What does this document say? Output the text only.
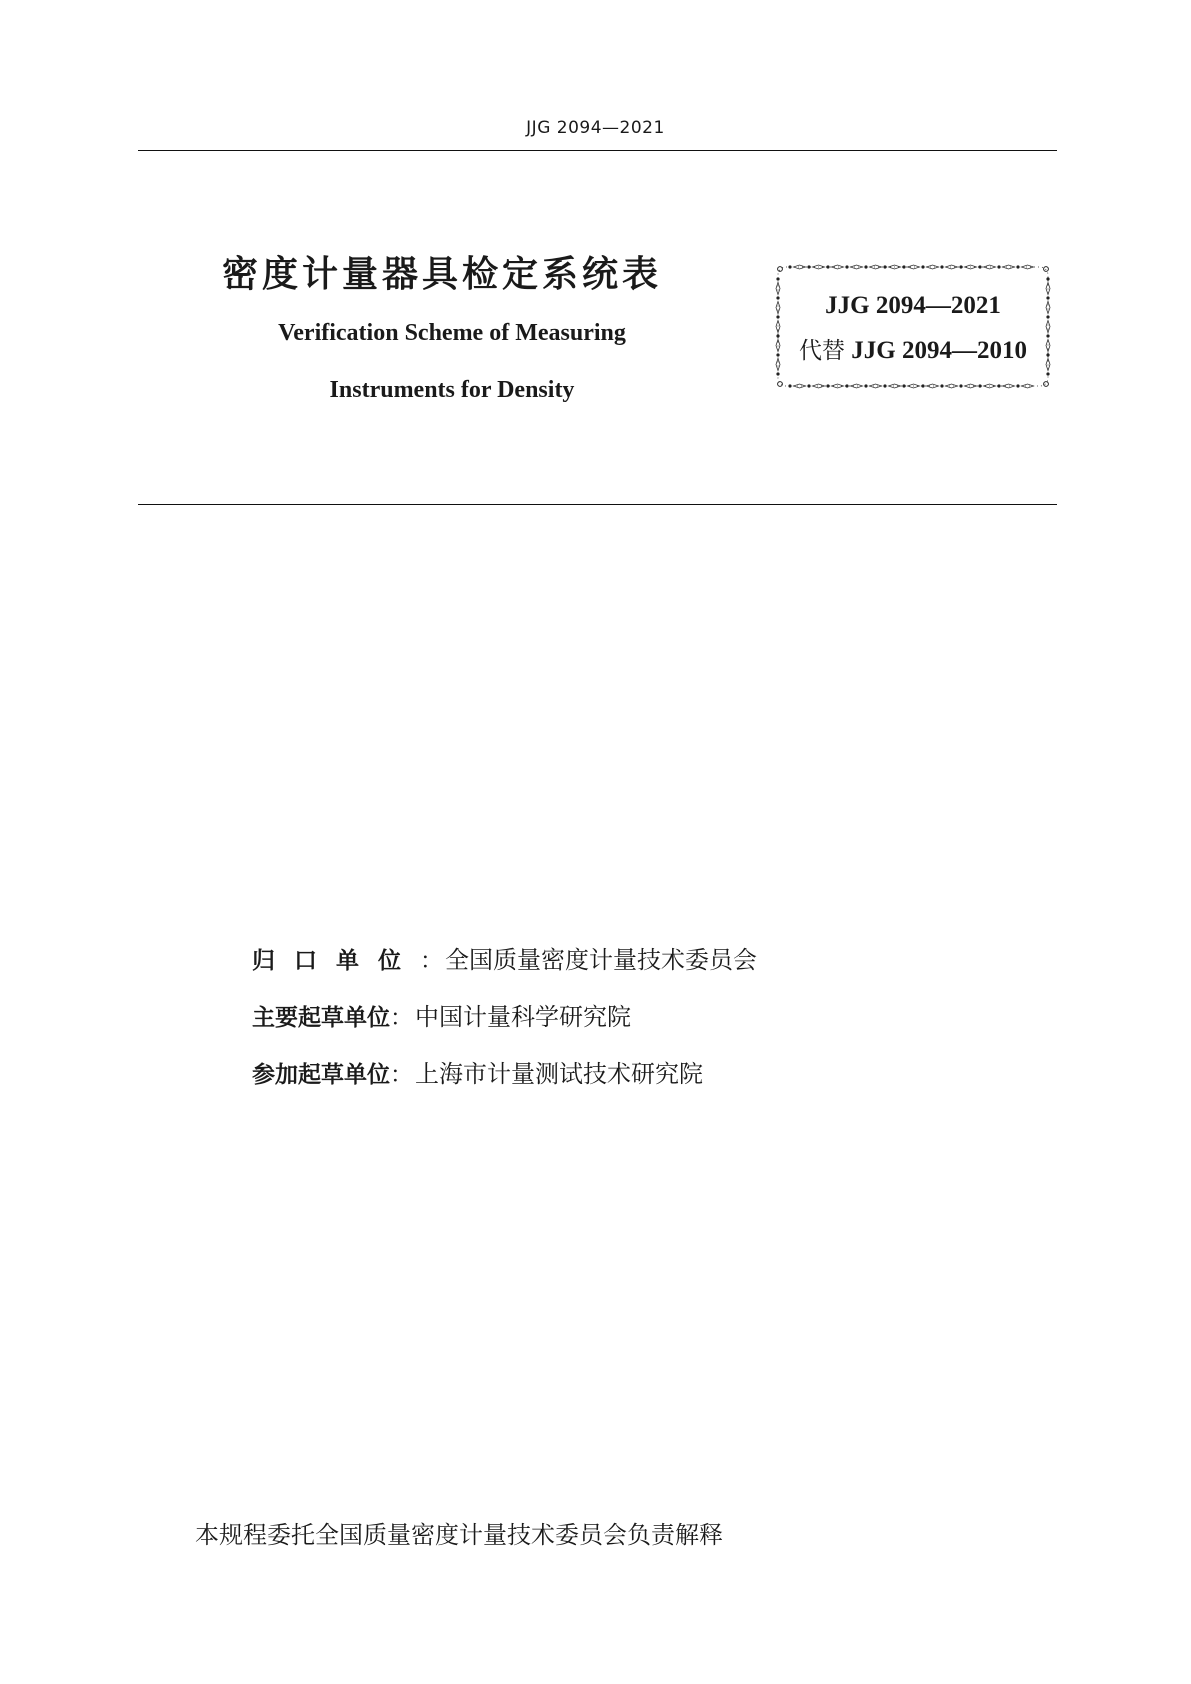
JJG 2094—2021
密度计量器具检定系统表
Verification Scheme of Measuring
Instruments for Density
JJG 2094—2021
代替 JJG 2094—2010
归口单位 ： 全国质量密度计量技术委员会
主要起草单位 ： 中国计量科学研究院
参加起草单位 ： 上海市计量测试技术研究院
本规程委托全国质量密度计量技术委员会负责解释
